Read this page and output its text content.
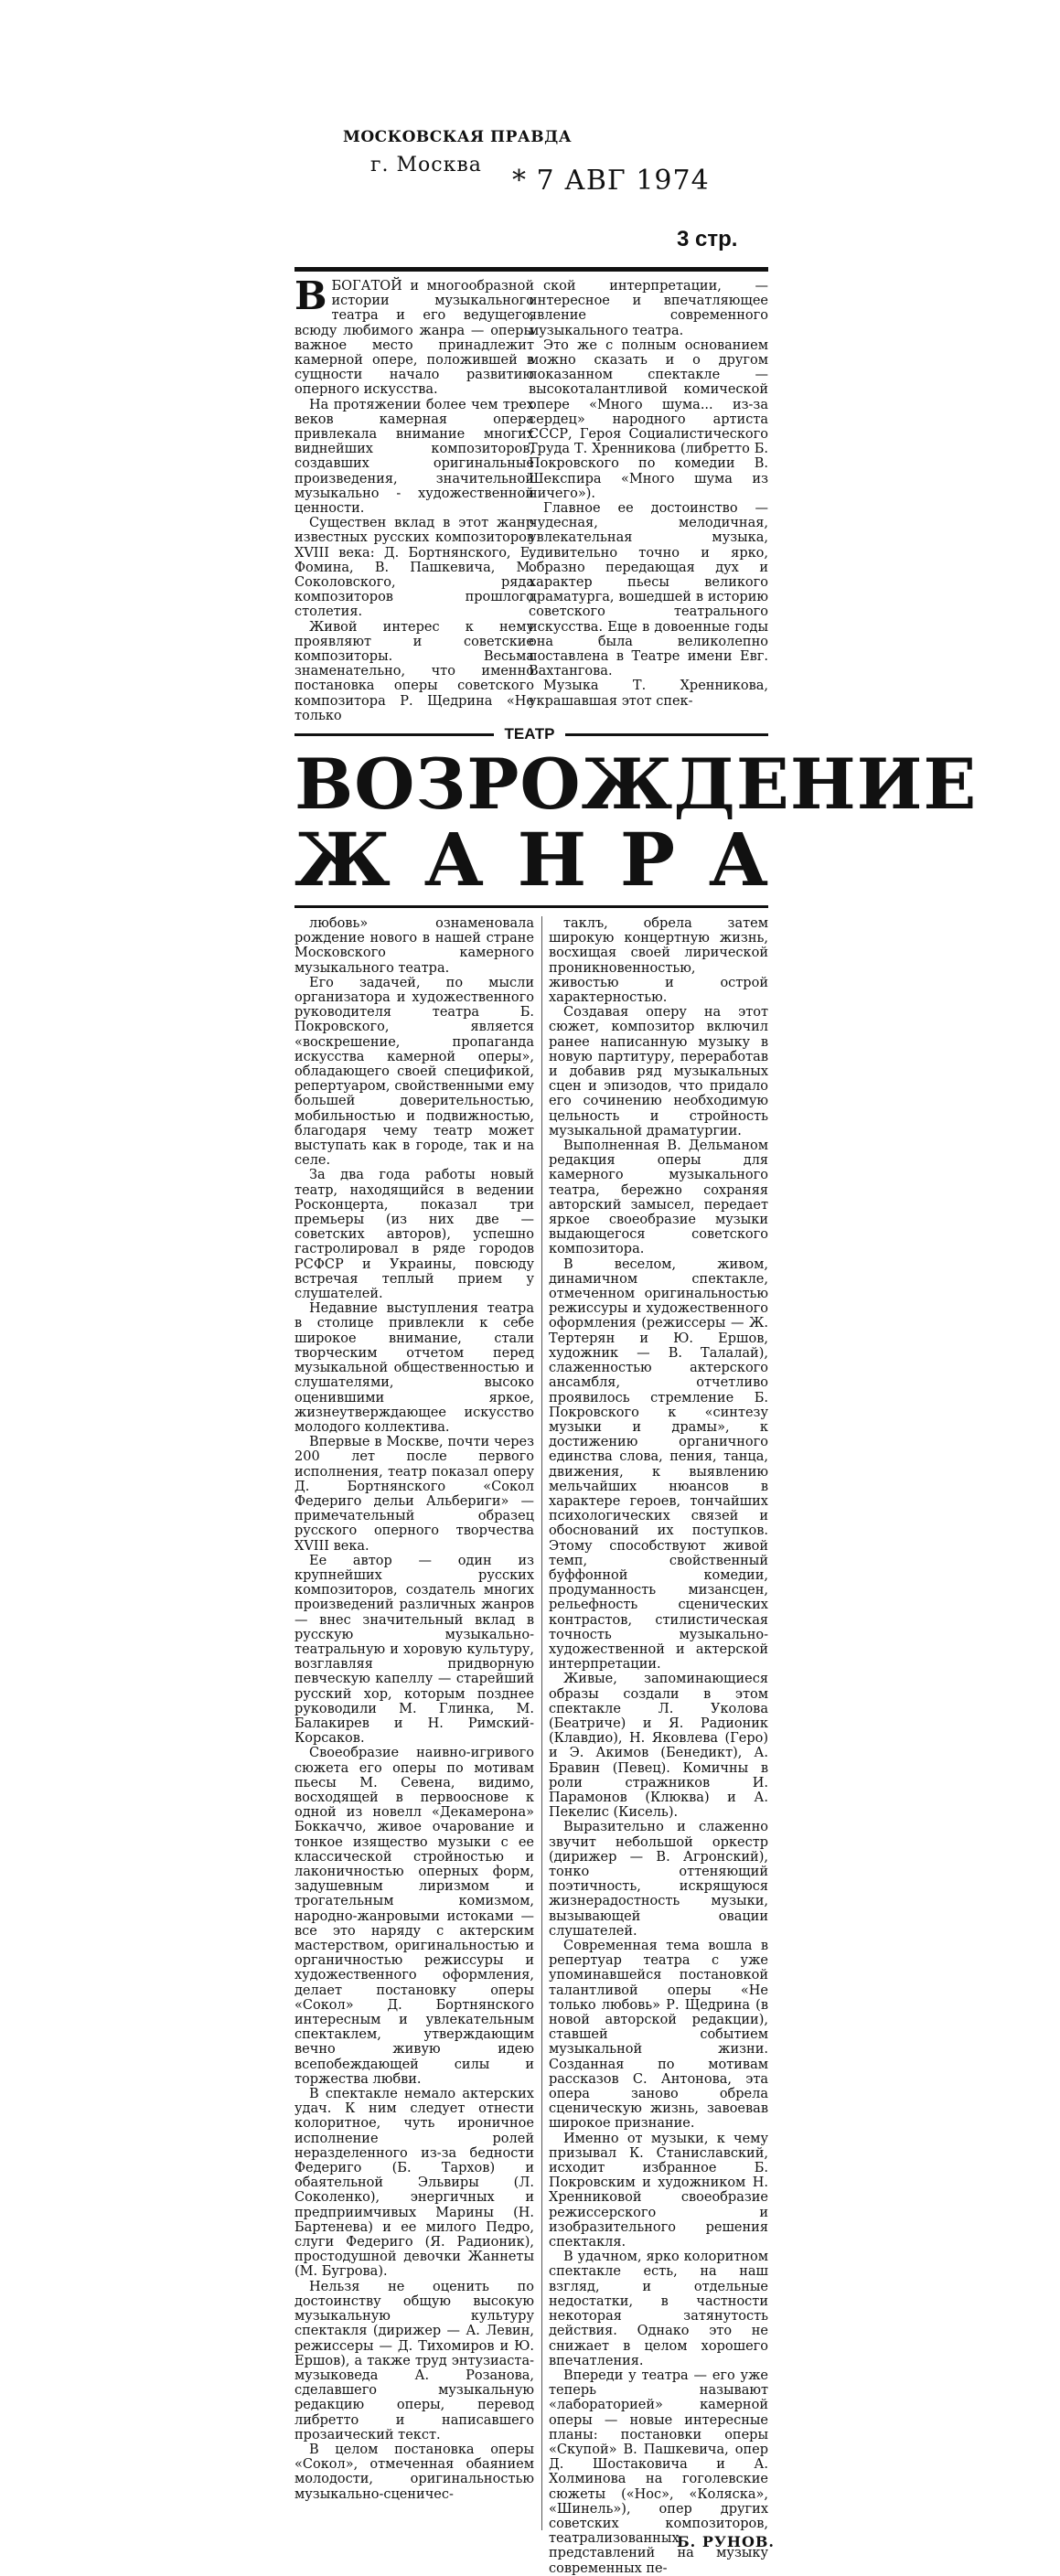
МОСКОВСКАЯ ПРАВДА
г. Москва * 7 АВГ 1974
3 стр.

ВБОГАТОЙ и многообразной истории музыкального театра и его ведущего, всюду любимого жанра — оперы важное место принадлежит камерной опере, положившей в сущности начало развитию оперного искусства.

На протяжении более чем трех веков камерная опера привлекала внимание многих виднейших композиторов, создавших оригинальные произведения, значительной музыкально - художественной ценности.

Существен вклад в этот жанр известных русских композиторов XVIII века: Д. Бортнянского, Е. Фомина, В. Пашкевича, М. Соколовского, ряда композиторов прошлого столетия.

Живой интерес к нему проявляют и советские композиторы. Весьма знаменательно, что именно постановка оперы советского композитора Р. Щедрина «Не только

ской интерпретации, — интересное и впечатляющее явление современного музыкального театра.

Это же с полным основанием можно сказать и о другом показанном спектакле — высокоталантливой комической опере «Много шума... из-за сердец» народного артиста СССР, Героя Социалистического Труда Т. Хренникова (либретто Б. Покровского по комедии В. Шекспира «Много шума из ничего»).

Главное ее достоинство — чудесная, мелодичная, увлекательная музыка, удивительно точно и ярко, образно передающая дух и характер пьесы великого драматурга, вошедшей в историю советского театрального искусства. Еще в довоенные годы она была великолепно поставлена в Театре имени Евг. Вахтангова.

Музыка Т. Хренникова, украшавшая этот спек-

ТЕАТР
ВОЗРОЖДЕНИЕ
Ж А Н Р А

любовь» ознаменовала рождение нового в нашей стране Московского камерного музыкального театра.

Его задачей, по мысли организатора и художественного руководителя театра Б. Покровского, является «воскрешение, пропаганда искусства камерной оперы», обладающего своей спецификой, репертуаром, свойственными ему большей доверительностью, мобильностью и подвижностью, благодаря чему театр может выступать как в городе, так и на селе.

За два года работы новый театр, находящийся в ведении Росконцерта, показал три премьеры (из них две — советских авторов), успешно гастролировал в ряде городов РСФСР и Украины, повсюду встречая теплый прием у слушателей.

Недавние выступления театра в столице привлекли к себе широкое внимание, стали творческим отчетом перед музыкальной общественностью и слушателями, высоко оценившими яркое, жизнеутверждающее искусство молодого коллектива.

Впервые в Москве, почти через 200 лет после первого исполнения, театр показал оперу Д. Бортнянского «Сокол Федериго дельи Альбериги» — примечательный образец русского оперного творчества XVIII века.

Ее автор — один из крупнейших русских композиторов, создатель многих произведений различных жанров — внес значительный вклад в русскую музыкально-театральную и хоровую культуру, возглавляя придворную певческую капеллу — старейший русский хор, которым позднее руководили М. Глинка, М. Балакирев и Н. Римский-Корсаков.

Своеобразие наивно-игривого сюжета его оперы по мотивам пьесы М. Севена, видимо, восходящей в первооснове к одной из новелл «Декамерона» Боккаччо, живое очарование и тонкое изящество музыки с ее классической стройностью и лаконичностью оперных форм, задушевным лиризмом и трогательным комизмом, народно-жанровыми истоками — все это наряду с актерским мастерством, оригинальностью и органичностью режиссуры и художественного оформления, делает постановку оперы «Сокол» Д. Бортнянского интересным и увлекательным спектаклем, утверждающим вечно живую идею всепобеждающей силы и торжества любви.

В спектакле немало актерских удач. К ним следует отнести колоритное, чуть ироничное исполнение ролей неразделенного из-за бедности Федериго (Б. Тархов) и обаятельной Эльвиры (Л. Соколенко), энергичных и предприимчивых Марины (Н. Бартеневa) и ее милого Педро, слуги Федериго (Я. Радионик), простодушной девочки Жаннеты (М. Бугрова).

Нельзя не оценить по достоинству общую высокую музыкальную культуру спектакля (дирижер — А. Левин, режиссеры — Д. Тихомиров и Ю. Ершов), а также труд энтузиаста-музыковеда А. Розанова, сделавшего музыкальную редакцию оперы, перевод либретто и написавшего прозаический текст.

В целом постановка оперы «Сокол», отмеченная обаянием молодости, оригинальностью музыкально-сценичес-

таклъ, обрела затем широкую концертную жизнь, восхищая своей лирической проникновенностью, живостью и острой характерностью.

Создавая оперу на этот сюжет, композитор включил ранее написанную музыку в новую партитуру, переработав и добавив ряд музыкальных сцен и эпизодов, что придало его сочинению необходимую цельность и стройность музыкальной драматургии.

Выполненная В. Дельманом редакция оперы для камерного музыкального театра, бережно сохраняя авторский замысел, передает яркое своеобразие музыки выдающегося советского композитора.

В веселом, живом, динамичном спектакле, отмеченном оригинальностью режиссуры и художественного оформления (режиссеры — Ж. Тертерян и Ю. Ершов, художник — В. Талалай), слаженностью актерского ансамбля, отчетливо проявилось стремление Б. Покровского к «синтезу музыки и драмы», к достижению органичного единства слова, пения, танца, движения, к выявлению мельчайших нюансов в характере героев, тончайших психологических связей и обоснований их поступков. Этому способствуют живой темп, свойственный буффонной комедии, продуманность мизансцен, рельефность сценических контрастов, стилистическая точность музыкально-художественной и актерской интерпретации.

Живые, запоминающиеся образы создали в этом спектакле Л. Уколова (Беатриче) и Я. Радионик (Клавдио), Н. Яковлева (Геро) и Э. Акимов (Бенедикт), А. Бравин (Певец). Комичны в роли стражников И. Парамонов (Клюква) и А. Пекелис (Кисель).

Выразительно и слаженно звучит небольшой оркестр (дирижер — В. Агронский), тонко оттеняющий поэтичность, искрящуюся жизнерадостность музыки, вызывающей овации слушателей.

Современная тема вошла в репертуар театра с уже упоминавшейся постановкой талантливой оперы «Не только любовь» Р. Щедрина (в новой авторской редакции), ставшей событием музыкальной жизни. Созданная по мотивам рассказов С. Антонова, эта опера заново обрела сценическую жизнь, завоевав широкое признание.

Именно от музыки, к чему призывал К. Станиславский, исходит избранное Б. Покровским и художником Н. Хренниковой своеобразие режиссерского и изобразительного решения спектакля.

В удачном, ярко колоритном спектакле есть, на наш взгляд, и отдельные недостатки, в частности некоторая затянутость действия. Однако это не снижает в целом хорошего впечатления.

Впереди у театра — его уже теперь называют «лабораторией» камерной оперы — новые интересные планы: постановки оперы «Скупой» В. Пашкевича, опер Д. Шостаковича и А. Холминова на гоголевские сюжеты («Нос», «Коляска», «Шинель»), опер других советских композиторов, театрализованных представлений на музыку современных пе-

Б. РУНОВ.
